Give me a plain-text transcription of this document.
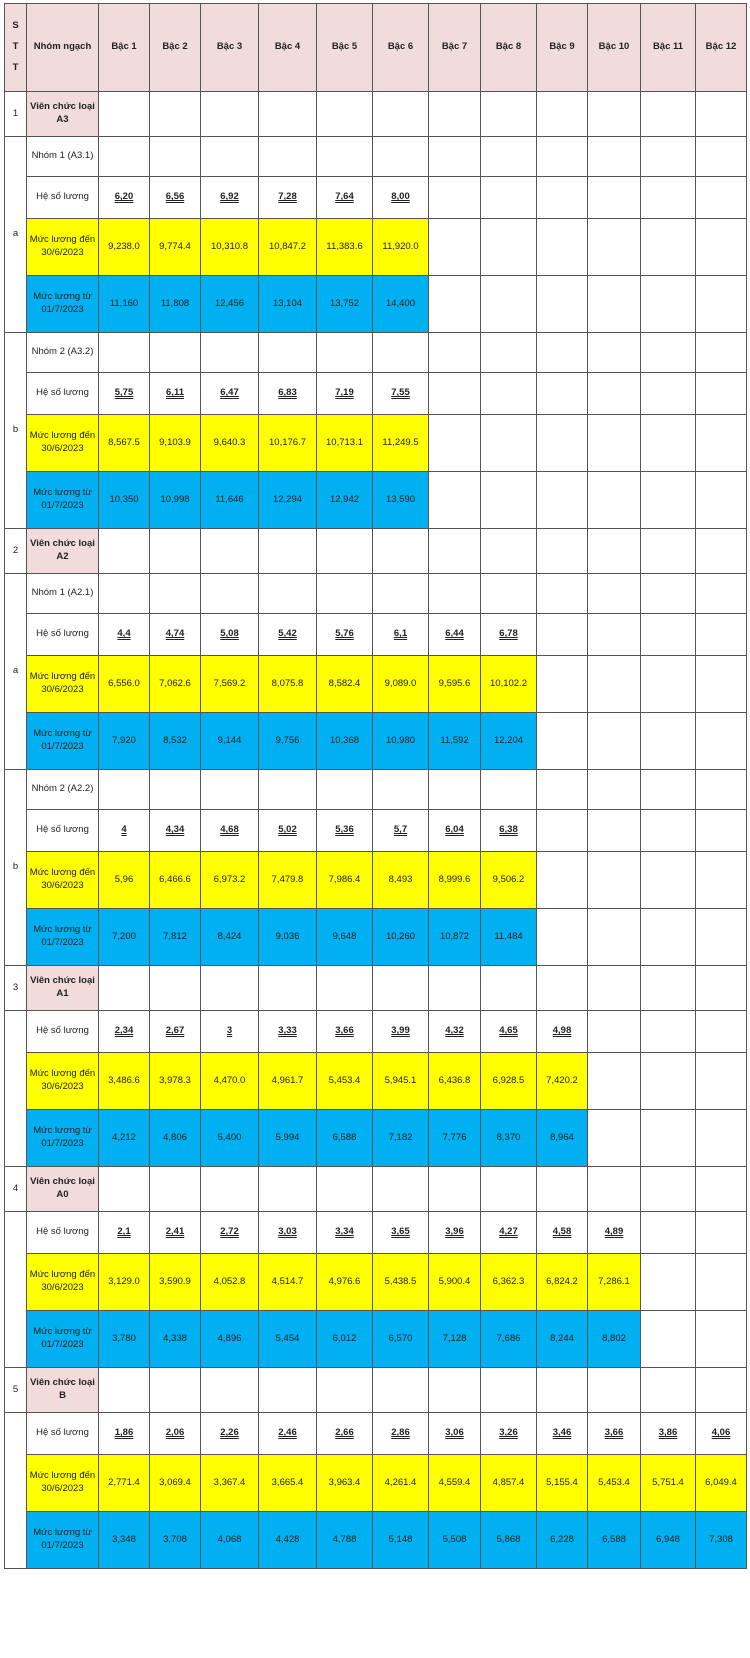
S
T
T	Nhóm ngạch	Bậc 1	Bậc 2	Bậc 3	Bậc 4	Bậc 5	Bậc 6	Bậc 7	Bậc 8	Bậc 9	Bậc 10	Bậc 11	Bậc 12
1	Viên chức loại A3												
a	Nhóm 1 (A3.1)												
	Hệ số lương	6,20	6,56	6,92	7,28	7,64	8,00						
	Mức lương đến 30/6/2023	9,238.0	9,774.4	10,310.8	10,847.2	11,383.6	11,920.0						
	Mức lương từ 01/7/2023	11,160	11,808	12,456	13,104	13,752	14,400						
b	Nhóm 2 (A3.2)												
	Hệ số lương	5,75	6,11	6,47	6,83	7,19	7,55						
	Mức lương đến 30/6/2023	8,567.5	9,103.9	9,640.3	10,176.7	10,713.1	11,249.5						
	Mức lương từ 01/7/2023	10,350	10,998	11,646	12,294	12,942	13,590						
2	Viên chức loại A2												
a	Nhóm 1 (A2.1)												
	Hệ số lương	4,4	4,74	5,08	5,42	5,76	6,1	6,44	6,78				
	Mức lương đến 30/6/2023	6,556.0	7,062.6	7,569.2	8,075.8	8,582.4	9,089.0	9,595.6	10,102.2				
	Mức lương từ 01/7/2023	7,920	8,532	9,144	9,756	10,368	10,980	11,592	12,204				
b	Nhóm 2 (A2.2)												
	Hệ số lương	4	4,34	4,68	5,02	5,36	5,7	6,04	6,38				
	Mức lương đến 30/6/2023	5,96	6,466.6	6,973.2	7,479.8	7,986.4	8,493	8,999.6	9,506.2				
	Mức lương từ 01/7/2023	7,200	7,812	8,424	9,036	9,648	10,260	10,872	11,484				
3	Viên chức loại A1												
	Hệ số lương	2,34	2,67	3	3,33	3,66	3,99	4,32	4,65	4,98			
	Mức lương đến 30/6/2023	3,486.6	3,978.3	4,470.0	4,961.7	5,453.4	5,945.1	6,436.8	6,928.5	7,420.2			
	Mức lương từ 01/7/2023	4,212	4,806	5,400	5,994	6,588	7,182	7,776	8,370	8,964			
4	Viên chức loại A0												
	Hệ số lương	2,1	2,41	2,72	3,03	3,34	3,65	3,96	4,27	4,58	4,89		
	Mức lương đến 30/6/2023	3,129.0	3,590.9	4,052.8	4,514.7	4,976.6	5,438.5	5,900.4	6,362.3	6,824.2	7,286.1		
	Mức lương từ 01/7/2023	3,780	4,338	4,896	5,454	6,012	6,570	7,128	7,686	8,244	8,802		
5	Viên chức loại B												
	Hệ số lương	1,86	2,06	2,26	2,46	2,66	2,86	3,06	3,26	3,46	3,66	3,86	4,06
	Mức lương đến 30/6/2023	2,771.4	3,069.4	3,367.4	3,665.4	3,963.4	4,261.4	4,559.4	4,857.4	5,155.4	5,453.4	5,751.4	6,049.4
	Mức lương từ 01/7/2023	3,348	3,708	4,068	4,428	4,788	5,148	5,508	5,868	6,228	6,588	6,948	7,308
